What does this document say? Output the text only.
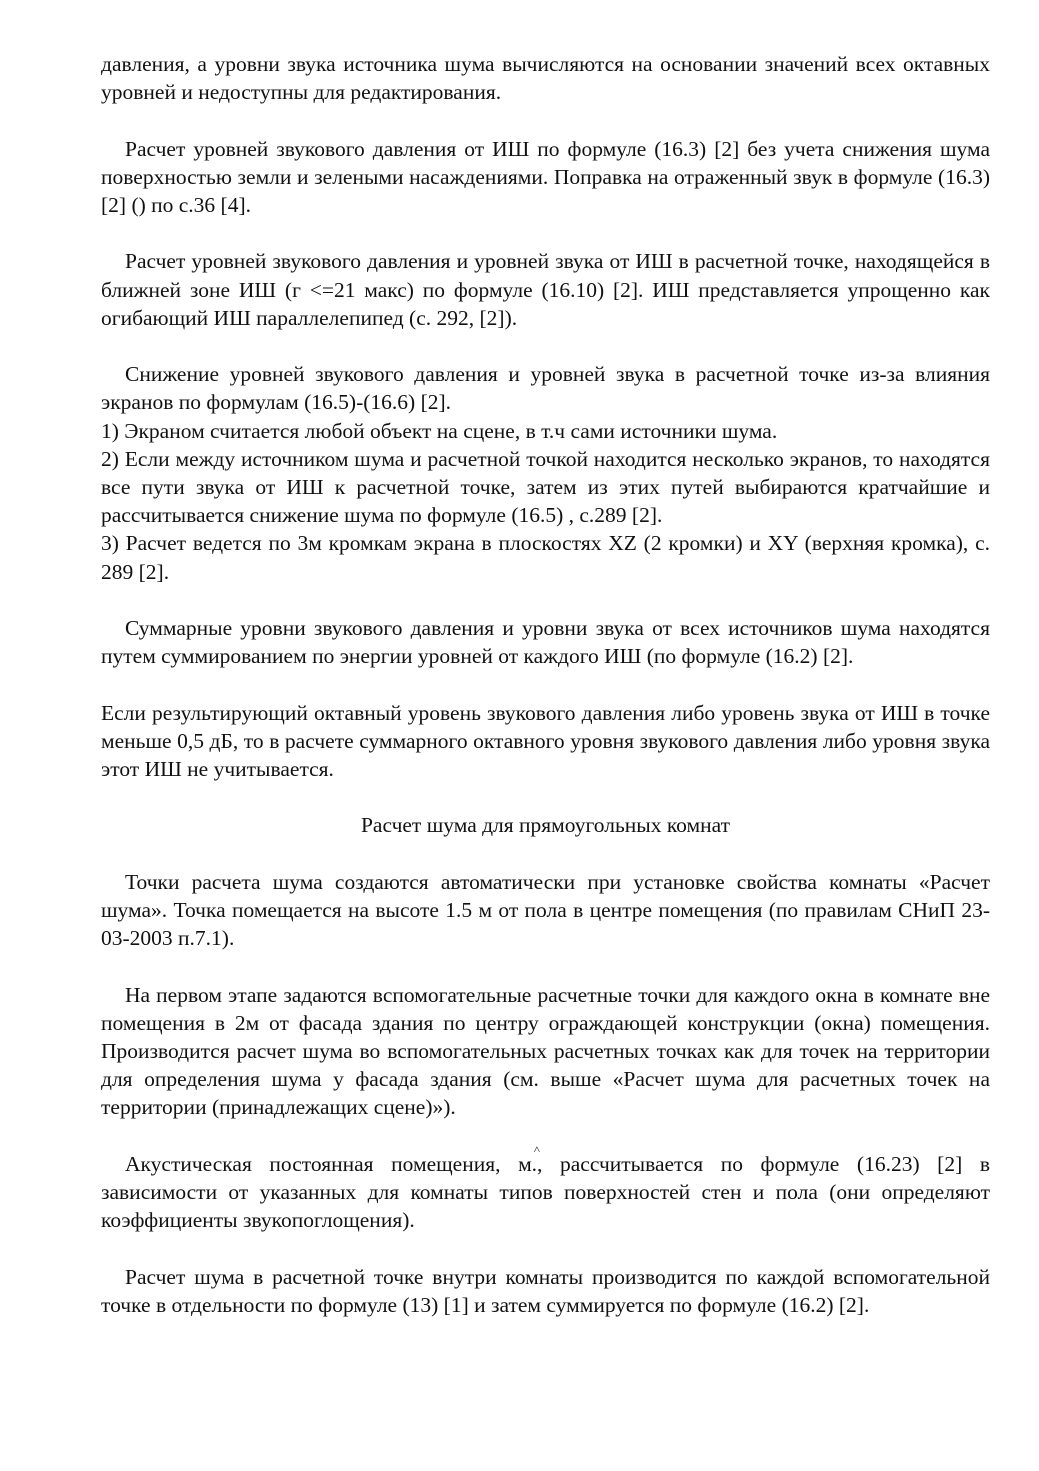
давления, а уровни звука источника шума вычисляются на основании значений всех октавных уровней и недоступны для редактирования.

Расчет уровней звукового давления от ИШ по формуле (16.3) [2] без учета снижения шума поверхностью земли и зелеными насаждениями. Поправка на отраженный звук в формуле (16.3) [2] () по с.36 [4].

Расчет уровней звукового давления и уровней звука от ИШ в расчетной точке, находящейся в ближней зоне ИШ (г <=21 макс) по формуле (16.10) [2]. ИШ представляется упрощенно как огибающий ИШ параллелепипед (с. 292, [2]).

Снижение уровней звукового давления и уровней звука в расчетной точке из-за влияния экранов по формулам (16.5)-(16.6) [2].

1) Экраном считается любой объект на сцене, в т.ч сами источники шума.

2) Если между источником шума и расчетной точкой находится несколько экранов, то находятся все пути звука от ИШ к расчетной точке, затем из этих путей выбираются кратчайшие и рассчитывается снижение шума по формуле (16.5) , с.289 [2].

3) Расчет ведется по 3м кромкам экрана в плоскостях XZ (2 кромки) и XY (верхняя кромка), с. 289 [2].

Суммарные уровни звукового давления и уровни звука от всех источников шума находятся путем суммированием по энергии уровней от каждого ИШ (по формуле (16.2) [2].

Если результирующий октавный уровень звукового давления либо уровень звука от ИШ в точке меньше 0,5 дБ, то в расчете суммарного октавного уровня звукового давления либо уровня звука этот ИШ не учитывается.

Расчет шума для прямоугольных комнат

Точки расчета шума создаются автоматически при установке свойства комнаты «Расчет шума». Точка помещается на высоте 1.5 м от пола в центре помещения (по правилам СНиП 23-03-2003 п.7.1).

На первом этапе задаются вспомогательные расчетные точки для каждого окна в комнате вне помещения в 2м от фасада здания по центру ограждающей конструкции (окна) помещения. Производится расчет шума во вспомогательных расчетных точках как для точек на территории для определения шума у фасада здания (см. выше «Расчет шума для расчетных точек на территории (принадлежащих сцене)»).

Акустическая постоянная помещения, м
˄
., рассчитывается по формуле (16.23) [2] в зависимости от указанных для комнаты типов поверхностей стен и пола (они определяют коэффициенты звукопоглощения).

Расчет шума в расчетной точке внутри комнаты производится по каждой вспомогательной точке в отдельности по формуле (13) [1] и затем суммируется по формуле (16.2) [2].
